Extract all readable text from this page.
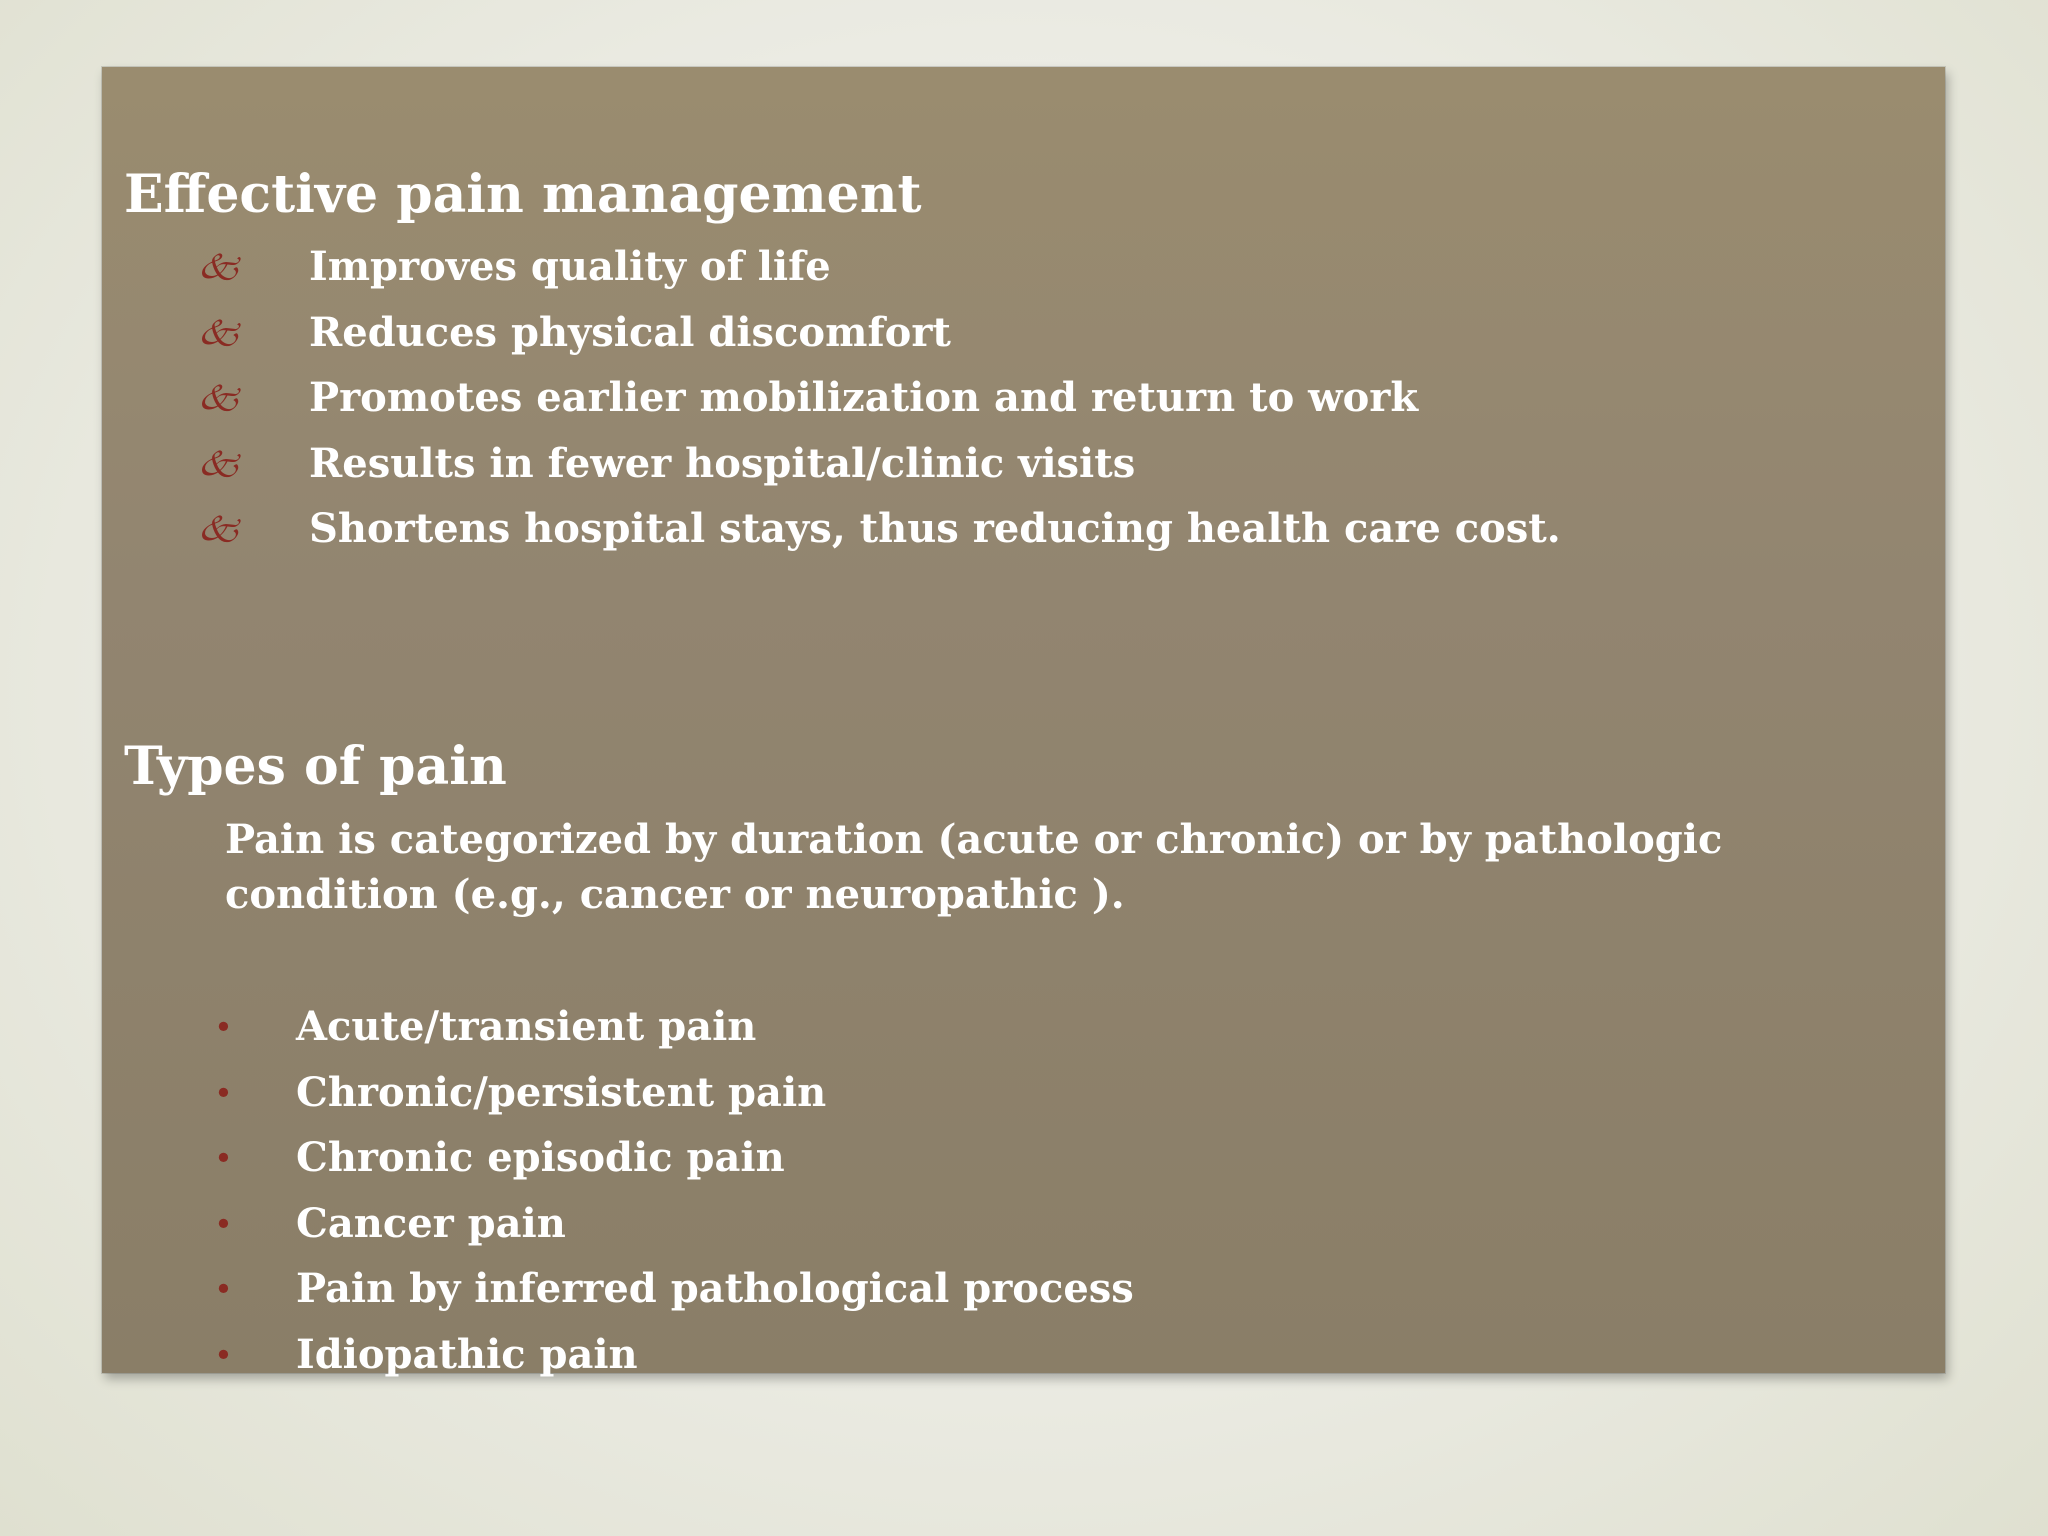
Effective pain management
🙵	Improves quality of life
🙵	Reduces physical discomfort
🙵	Promotes earlier mobilization and return to work
🙵	Results in fewer hospital/clinic visits
🙵	Shortens hospital stays, thus reducing health care cost.
Types of pain
Pain is categorized by duration (acute or chronic) or by pathologic condition (e.g., cancer or neuropathic ).
• Acute/transient pain
• Chronic/persistent pain
• Chronic episodic pain
• Cancer pain
• Pain by inferred pathological process
• Idiopathic pain
